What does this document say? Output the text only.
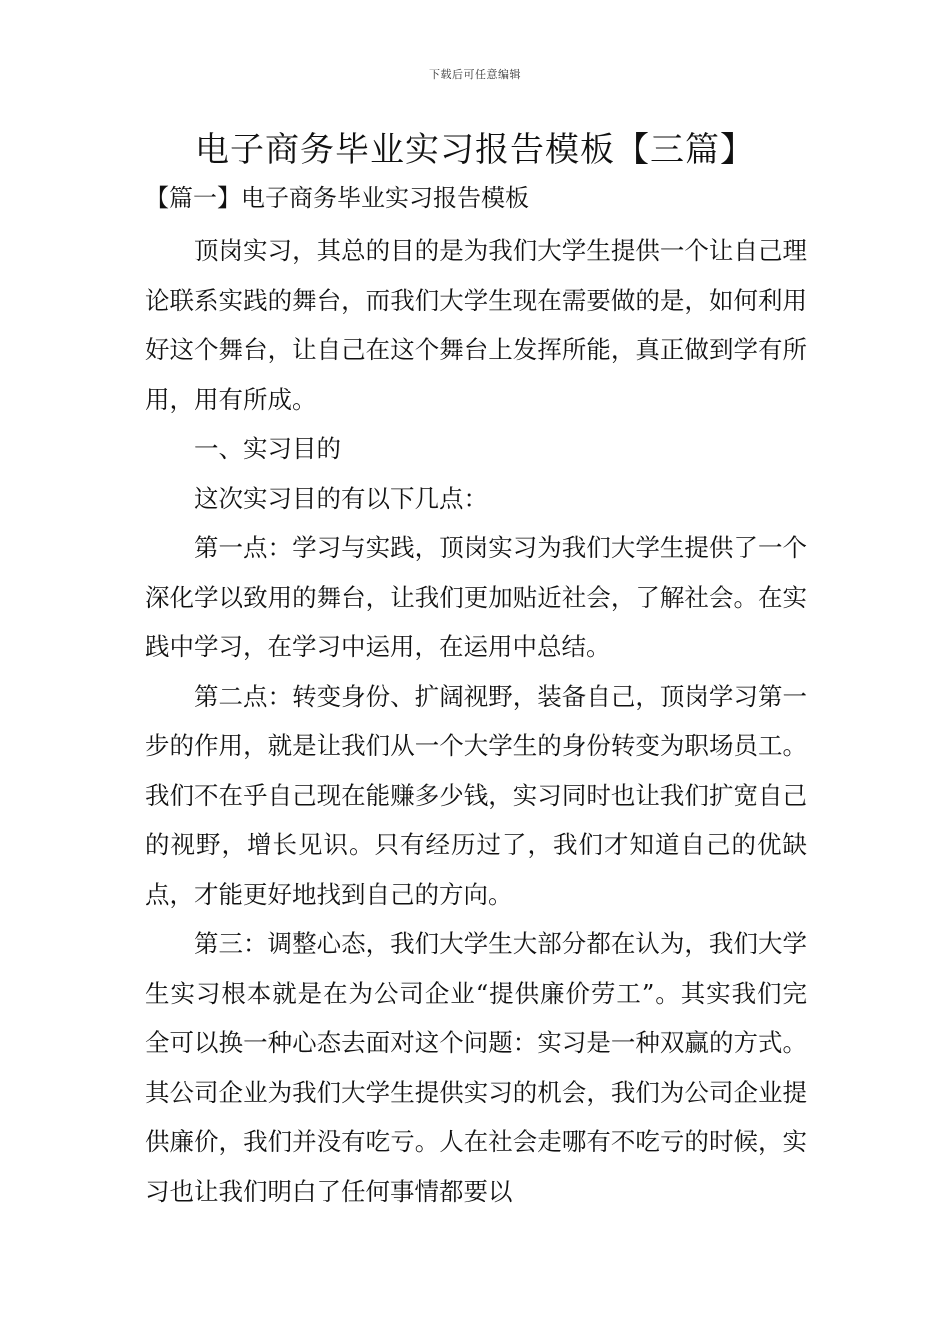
下载后可任意编辑
电子商务毕业实习报告模板【三篇】
【篇一】电子商务毕业实习报告模板

顶岗实习，其总的目的是为我们大学生提供一个让自己理论联系实践的舞台，而我们大学生现在需要做的是，如何利用好这个舞台，让自己在这个舞台上发挥所能，真正做到学有所用，用有所成。

一、实习目的

这次实习目的有以下几点：

第一点：学习与实践，顶岗实习为我们大学生提供了一个深化学以致用的舞台，让我们更加贴近社会，了解社会。在实践中学习，在学习中运用，在运用中总结。

第二点：转变身份、扩阔视野，装备自己，顶岗学习第一步的作用，就是让我们从一个大学生的身份转变为职场员工。我们不在乎自己现在能赚多少钱，实习同时也让我们扩宽自己的视野，增长见识。只有经历过了，我们才知道自己的优缺点，才能更好地找到自己的方向。

第三：调整心态，我们大学生大部分都在认为，我们大学生实习根本就是在为公司企业“提供廉价劳工”。其实我们完全可以换一种心态去面对这个问题：实习是一种双赢的方式。其公司企业为我们大学生提供实习的机会，我们为公司企业提供廉价，我们并没有吃亏。人在社会走哪有不吃亏的时候，实习也让我们明白了任何事情都要以
